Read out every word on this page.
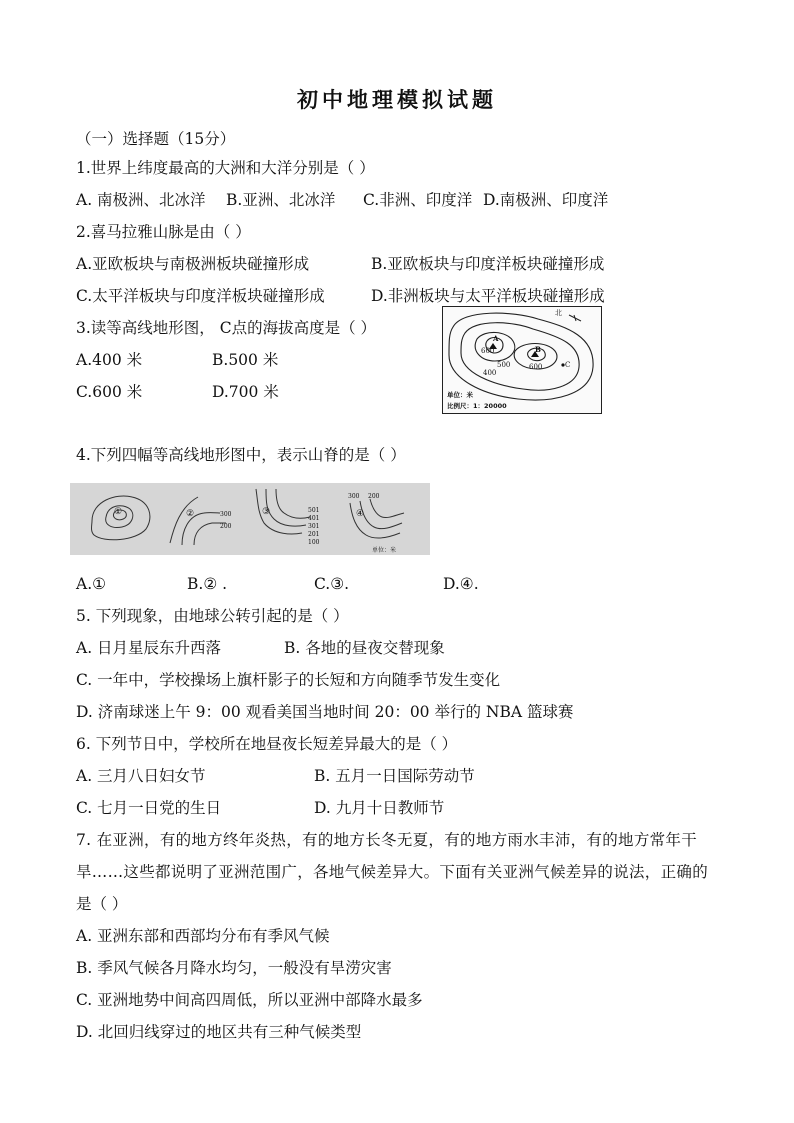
初中地理模拟试题
（一）选择题（15分）
1.世界上纬度最高的大洲和大洋分别是（ ）
A. 南极洲、北冰洋 B.亚洲、北冰洋 C.非洲、印度洋 D.南极洲、印度洋
2.喜马拉雅山脉是由（ ）
A.亚欧板块与南极洲板块碰撞形成	B.亚欧板块与印度洋板块碰撞形成
C.太平洋板块与印度洋板块碰撞形成	D.非洲板块与太平洋板块碰撞形成
3.读等高线地形图， C点的海拔高度是（ ）
A.400 米	B.500 米
C.600 米	D.700 米
北
A
B
600
400
500	600	C
单位：米
比例尺：1：20000
4.下列四幅等高线地形图中，表示山脊的是（ ）
①	②	③	④
300
200
501
401
301
201
100
300 200
单位：米
A.①	B.② .	C.③.	D.④.
5. 下列现象，由地球公转引起的是（ ）
A. 日月星辰东升西落	B. 各地的昼夜交替现象
C. 一年中，学校操场上旗杆影子的长短和方向随季节发生变化
D. 济南球迷上午 9：00 观看美国当地时间 20：00 举行的 NBA 篮球赛
6. 下列节日中，学校所在地昼夜长短差异最大的是（ ）
A. 三月八日妇女节	B. 五月一日国际劳动节
C. 七月一日党的生日	D. 九月十日教师节
7. 在亚洲，有的地方终年炎热，有的地方长冬无夏，有的地方雨水丰沛，有的地方常年干
旱……这些都说明了亚洲范围广，各地气候差异大。下面有关亚洲气候差异的说法，正确的
是（ ）
A. 亚洲东部和西部均分布有季风气候
B. 季风气候各月降水均匀，一般没有旱涝灾害
C. 亚洲地势中间高四周低，所以亚洲中部降水最多
D. 北回归线穿过的地区共有三种气候类型
